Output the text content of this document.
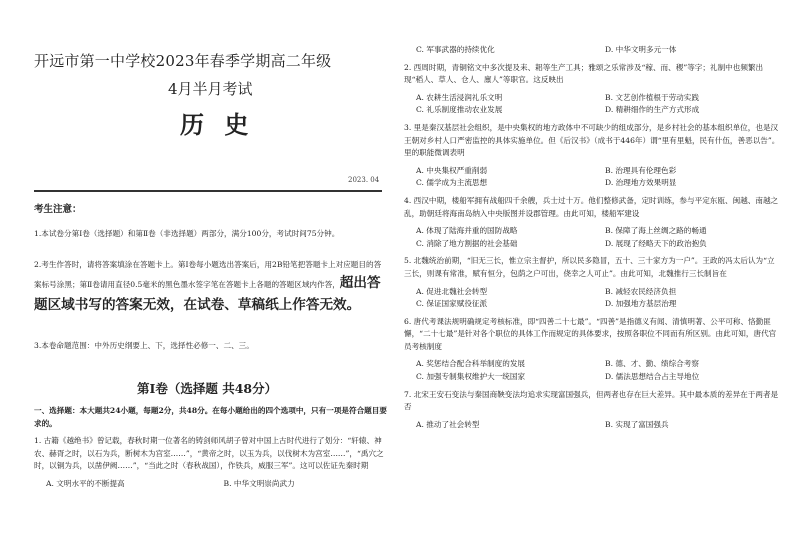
开远市第一中学校2023年春季学期高二年级
4月半月考试
历 史
2023. 04
考生注意：
1.本试卷分第Ⅰ卷（选择题）和第Ⅱ卷（非选择题）两部分，满分100分，考试时间75分钟。
2.考生作答时，请将答案填涂在答题卡上。第Ⅰ卷每小题选出答案后，用2B铅笔把答题卡上对应题目的答案标号涂黑；第Ⅱ卷请用直径0.5毫米的黑色墨水签字笔在答题卡上各题的答题区域内作答，超出答题区域书写的答案无效，在试卷、草稿纸上作答无效。
3.本卷命题范围：中外历史纲要上、下，选择性必修一、二、三。
第Ⅰ卷（选择题 共48分）
一、选择题：本大题共24小题，每题2分，共48分。在每小题给出的四个选项中，只有一项是符合题目要求的。
1. 古籍《越绝书》曾记载，春秋时期一位著名的铸剑师风胡子曾对中国上古时代进行了划分：“轩辕、神农、赫胥之时，以石为兵，断树木为宫室……”，“黄帝之时，以玉为兵，以伐树木为宫室……”，“禹穴之时，以铜为兵，以凿伊阙……”，“当此之时（春秋战国），作铁兵，威服三军”。这可以佐证先秦时期
A. 文明水平的不断提高	B. 中华文明崇尚武力
C. 军事武器的持续优化	D. 中华文明多元一体
2. 西周时期，青铜铭文中多次提及耒、耜等生产工具；雅颂之乐常涉及“稼、而、稷”等字；礼制中也频繁出现“稻人、草人、仓人、廪人”等职官。这反映出
A. 农耕生活浸润礼乐文明	B. 文艺创作植根于劳动实践
C. 礼乐制度推动农业发展	D. 精耕细作的生产方式形成
3. 里是秦汉基层社会组织，是中央集权的地方政体中不可缺少的组成部分，是乡村社会的基本组织单位，也是汉王朝对乡村人口严密监控的具体实施单位。但《后汉书》（成书于446年）谓“里有里魁，民有什伍，善恶以告”。里的职能微调表明
A. 中央集权严重削弱	B. 治理具有伦理色彩
C. 儒学成为主流思想	D. 治理地方效果明显
4. 西汉中期，楼船军拥有战船四千余艘，兵士过十万。他们整修武备，定时训练，参与平定东瓯、闽越、南越之乱，助朝廷将海南岛纳入中央版图并设郡管理。由此可知，楼船军建设
A. 体现了陆海并重的国防战略	B. 保障了海上丝绸之路的畅通
C. 消除了地方割据的社会基础	D. 展现了经略天下的政治抱负
5. 北魏统治前期，“旧无三长，惟立宗主督护，所以民多隐冒，五十、三十家方为一户”。王政的冯太后认为“立三长，则课有常准，赋有恒分，包荫之户可出，侥幸之人可止”。由此可知，北魏推行三长制旨在
A. 促进北魏社会转型	B. 减轻农民经济负担
C. 保证国家赋役征派	D. 加强地方基层治理
6. 唐代考课法规明确规定考核标准，即“四善二十七最”。“四善”是指德义有闻、清慎明著、公平可称、恪勤匪懈，“二十七最”是针对各个职位的具体工作而规定的具体要求，按照各职位不同而有所区别。由此可知，唐代官员考核制度
A. 奖惩结合配合科举制度的发展	B. 德、才、勤、绩综合考察
C. 加强专制集权维护大一统国家	D. 儒法思想结合占主导地位
7. 北宋王安石变法与秦国商鞅变法均追求实现富国强兵，但两者也存在巨大差异。其中最本质的差异在于两者是否
A. 推动了社会转型	B. 实现了富国强兵
